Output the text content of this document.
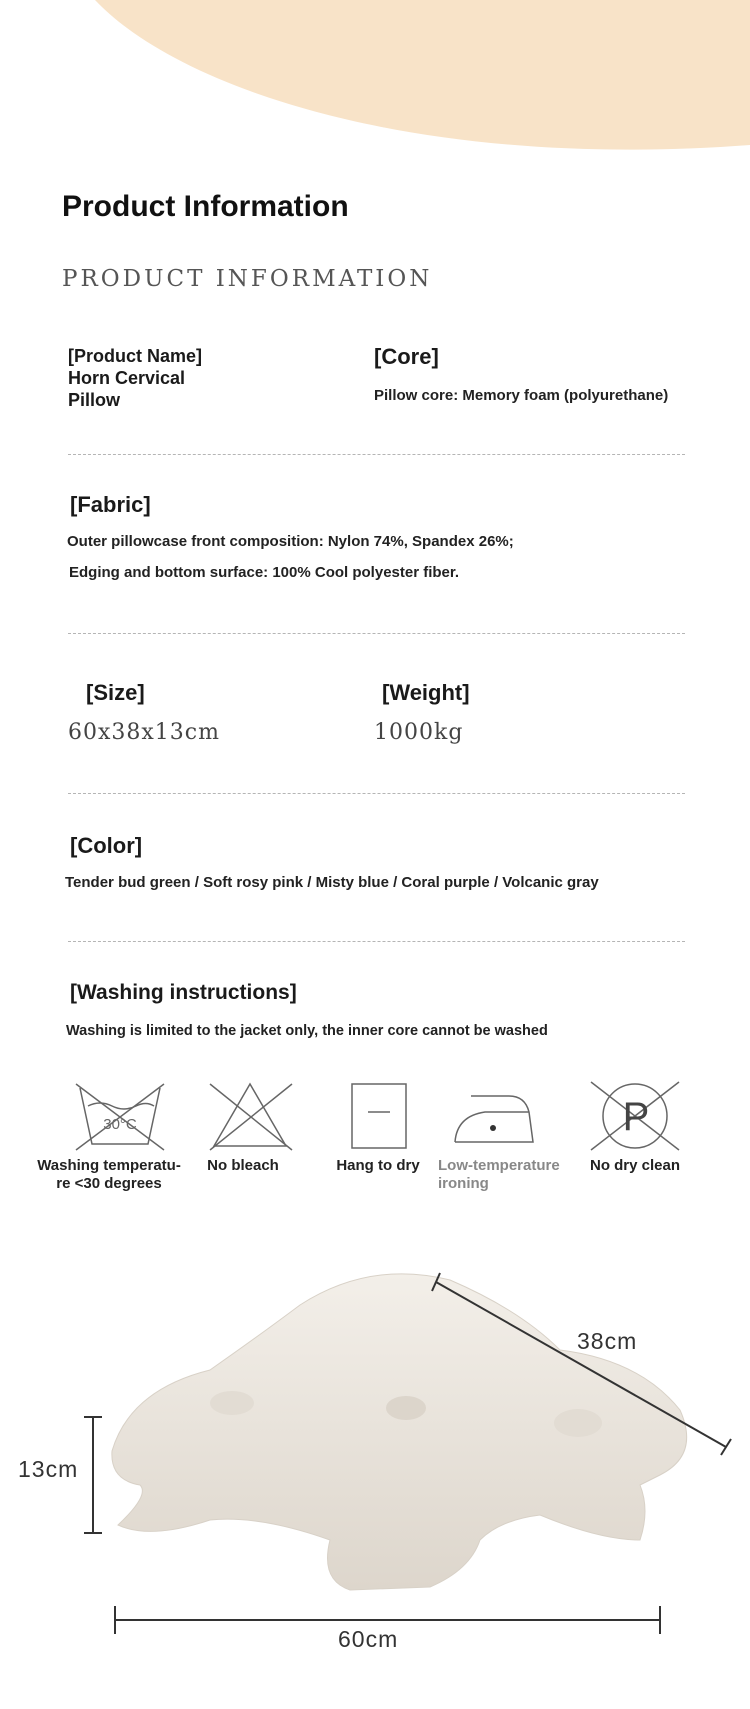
Product Information
PRODUCT INFORMATION
[Product Name] Horn Cervical Pillow
[Core]
Pillow core: Memory foam (polyurethane)
[Fabric]
Outer pillowcase front composition: Nylon 74%, Spandex 26%;
Edging and bottom surface: 100% Cool polyester fiber.
[Size]
60x38x13cm
[Weight]
1000kg
[Color]
Tender bud green / Soft rosy pink / Misty blue / Coral purple / Volcanic gray
[Washing instructions]
Washing is limited to the jacket only, the inner core cannot be washed
30°C	P
Washing temperatu-
re <30 degrees
No bleach	Hang to dry	Low-temperature
ironing
No dry clean
38cm
13cm
60cm
